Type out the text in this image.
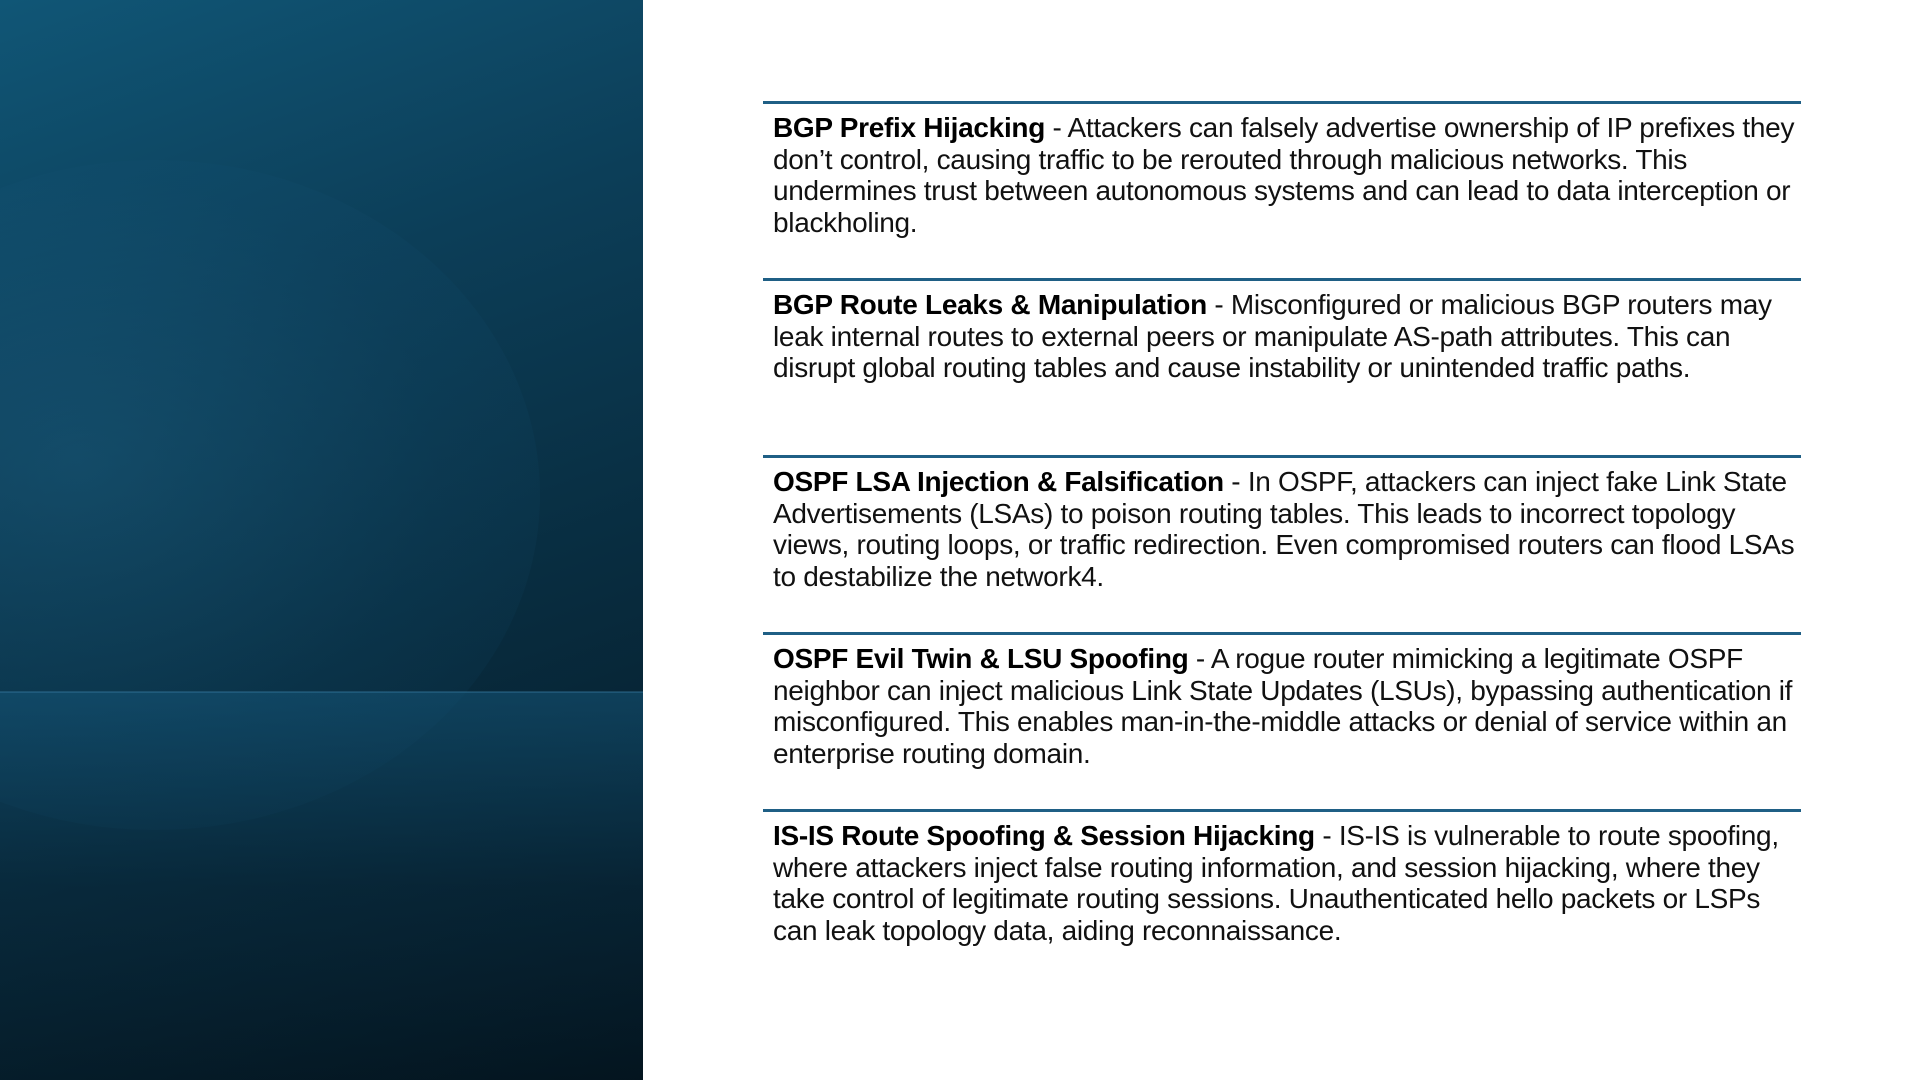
BGP Prefix Hijacking - Attackers can falsely advertise ownership of IP prefixes they don’t control, causing traffic to be rerouted through malicious networks. This undermines trust between autonomous systems and can lead to data interception or blackholing.
BGP Route Leaks & Manipulation - Misconfigured or malicious BGP routers may leak internal routes to external peers or manipulate AS-path attributes. This can disrupt global routing tables and cause instability or unintended traffic paths.
OSPF LSA Injection & Falsification - In OSPF, attackers can inject fake Link State Advertisements (LSAs) to poison routing tables. This leads to incorrect topology views, routing loops, or traffic redirection. Even compromised routers can flood LSAs to destabilize the network4.
OSPF Evil Twin & LSU Spoofing - A rogue router mimicking a legitimate OSPF neighbor can inject malicious Link State Updates (LSUs), bypassing authentication if misconfigured. This enables man-in-the-middle attacks or denial of service within an enterprise routing domain.
IS-IS Route Spoofing & Session Hijacking - IS-IS is vulnerable to route spoofing, where attackers inject false routing information, and session hijacking, where they take control of legitimate routing sessions. Unauthenticated hello packets or LSPs can leak topology data, aiding reconnaissance.
